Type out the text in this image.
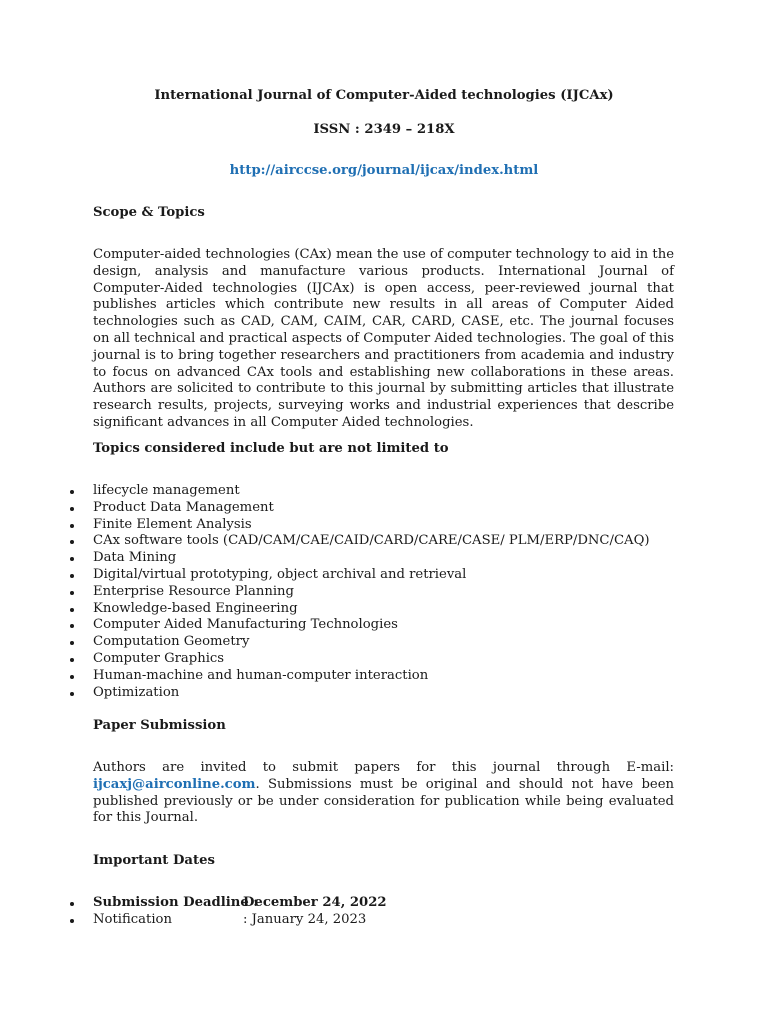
International Journal of Computer-Aided technologies (IJCAx)
ISSN : 2349 – 218X
http://airccse.org/journal/ijcax/index.html
Scope & Topics
Computer-aided technologies (CAx) mean the use of computer technology to aid in the design, analysis and manufacture various products. International Journal of Computer-Aided technologies (IJCAx) is open access, peer-reviewed journal that publishes articles which contribute new results in all areas of Computer Aided technologies such as CAD, CAM, CAIM, CAR, CARD, CASE, etc. The journal focuses on all technical and practical aspects of Computer Aided technologies. The goal of this journal is to bring together researchers and practitioners from academia and industry to focus on advanced CAx tools and establishing new collaborations in these areas. Authors are solicited to contribute to this journal by submitting articles that illustrate research results, projects, surveying works and industrial experiences that describe significant advances in all Computer Aided technologies.
Topics considered include but are not limited to
lifecycle management
Product Data Management
Finite Element Analysis
CAx software tools (CAD/CAM/CAE/CAID/CARD/CARE/CASE/ PLM/ERP/DNC/CAQ)
Data Mining
Digital/virtual prototyping, object archival and retrieval
Enterprise Resource Planning
Knowledge-based Engineering
Computer Aided Manufacturing Technologies
Computation Geometry
Computer Graphics
Human-machine and human-computer interaction
Optimization
Paper Submission
Authors are invited to submit papers for this journal through E-mail: ijcaxj@airconline.com. Submissions must be original and should not have been published previously or be under consideration for publication while being evaluated for this Journal.
Important Dates
Submission Deadline :December 24, 2022
Notification	: January 24, 2023
